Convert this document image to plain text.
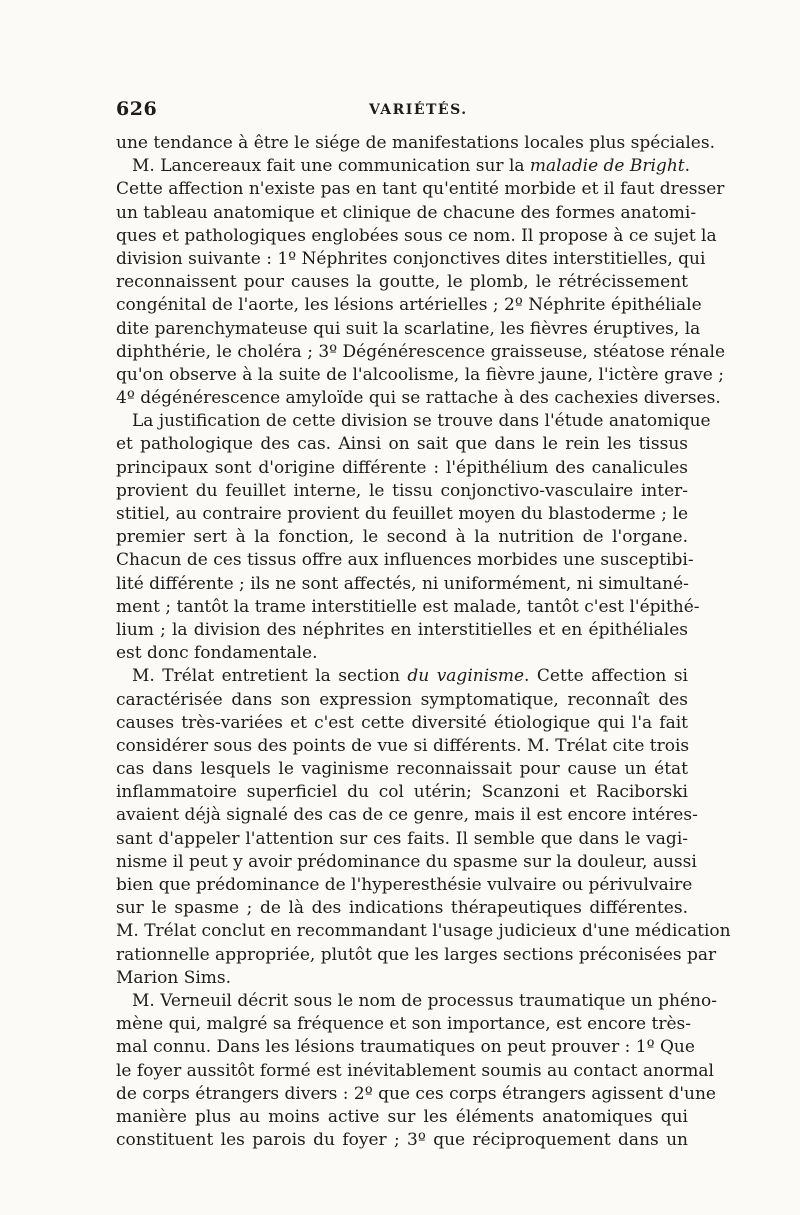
626	VARIÉTÉS.
une tendance à être le siége de manifestations locales plus spéciales.
M. Lancereaux fait une communication sur la maladie de Bright.
Cette affection n'existe pas en tant qu'entité morbide et il faut dresser
un tableau anatomique et clinique de chacune des formes anatomi-
ques et pathologiques englobées sous ce nom. Il propose à ce sujet la
division suivante : 1º Néphrites conjonctives dites interstitielles, qui
reconnaissent pour causes la goutte, le plomb, le rétrécissement
congénital de l'aorte, les lésions artérielles ; 2º Néphrite épithéliale
dite parenchymateuse qui suit la scarlatine, les fièvres éruptives, la
diphthérie, le choléra ; 3º Dégénérescence graisseuse, stéatose rénale
qu'on observe à la suite de l'alcoolisme, la fièvre jaune, l'ictère grave ;
4º dégénérescence amyloïde qui se rattache à des cachexies diverses.
La justification de cette division se trouve dans l'étude anatomique
et pathologique des cas. Ainsi on sait que dans le rein les tissus
principaux sont d'origine différente : l'épithélium des canalicules
provient du feuillet interne, le tissu conjonctivo-vasculaire inter-
stitiel, au contraire provient du feuillet moyen du blastoderme ; le
premier sert à la fonction, le second à la nutrition de l'organe.
Chacun de ces tissus offre aux influences morbides une susceptibi-
lité différente ; ils ne sont affectés, ni uniformément, ni simultané-
ment ; tantôt la trame interstitielle est malade, tantôt c'est l'épithé-
lium ; la division des néphrites en interstitielles et en épithéliales
est donc fondamentale.
M. Trélat entretient la section du vaginisme. Cette affection si
caractérisée dans son expression symptomatique, reconnaît des
causes très-variées et c'est cette diversité étiologique qui l'a fait
considérer sous des points de vue si différents. M. Trélat cite trois
cas dans lesquels le vaginisme reconnaissait pour cause un état
inflammatoire superficiel du col utérin; Scanzoni et Raciborski
avaient déjà signalé des cas de ce genre, mais il est encore intéres-
sant d'appeler l'attention sur ces faits. Il semble que dans le vagi-
nisme il peut y avoir prédominance du spasme sur la douleur, aussi
bien que prédominance de l'hyperesthésie vulvaire ou périvulvaire
sur le spasme ; de là des indications thérapeutiques différentes.
M. Trélat conclut en recommandant l'usage judicieux d'une médication
rationnelle appropriée, plutôt que les larges sections préconisées par
Marion Sims.
M. Verneuil décrit sous le nom de processus traumatique un phéno-
mène qui, malgré sa fréquence et son importance, est encore très-
mal connu. Dans les lésions traumatiques on peut prouver : 1º Que
le foyer aussitôt formé est inévitablement soumis au contact anormal
de corps étrangers divers : 2º que ces corps étrangers agissent d'une
manière plus au moins active sur les éléments anatomiques qui
constituent les parois du foyer ; 3º que réciproquement dans un
